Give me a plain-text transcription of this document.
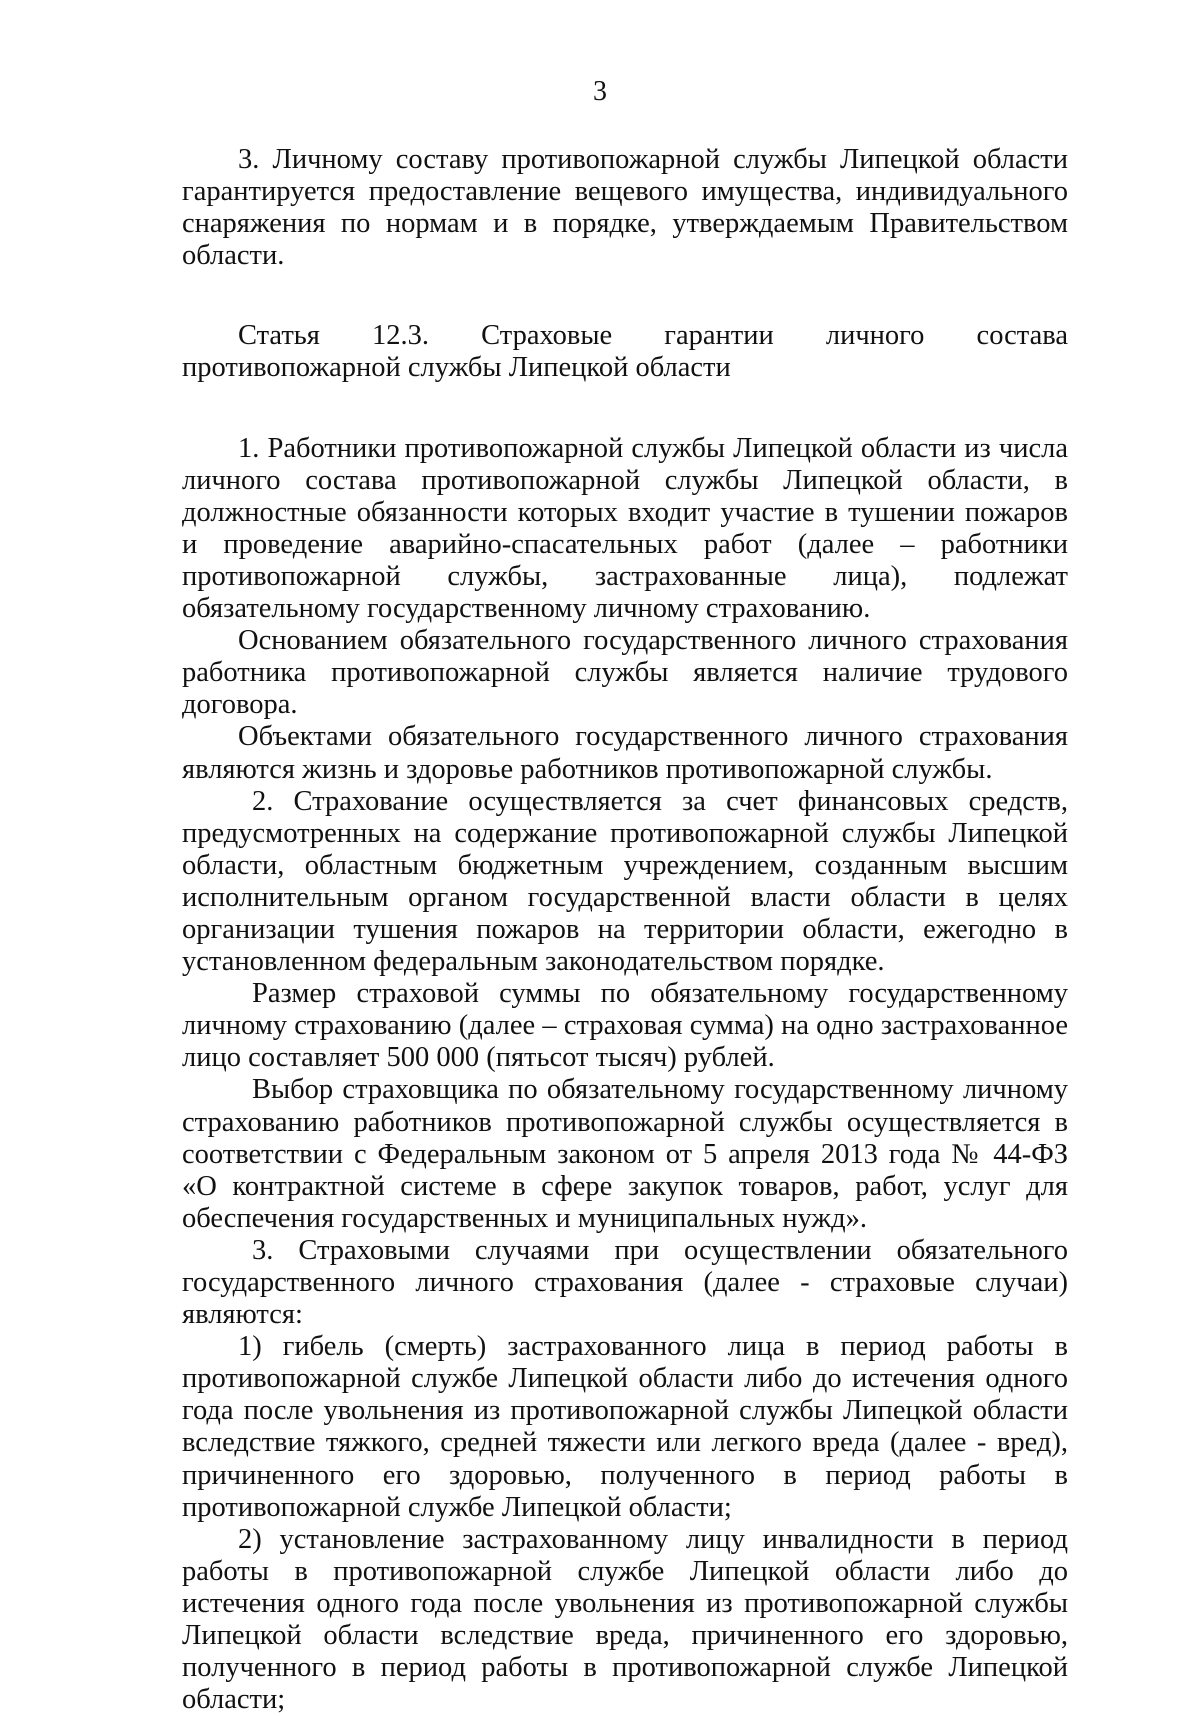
3

3. Личному составу противопожарной службы Липецкой области гарантируется предоставление вещевого имущества, индивидуального снаряжения по нормам и в порядке, утверждаемым Правительством области.

Статья 12.3. Страховые гарантии личного состава противопожарной службы Липецкой области

1. Работники противопожарной службы Липецкой области из числа личного состава противопожарной службы Липецкой области, в должностные обязанности которых входит участие в тушении пожаров и проведение аварийно-спасательных работ (далее – работники противопожарной службы, застрахованные лица), подлежат обязательному государственному личному страхованию.

Основанием обязательного государственного личного страхования работника противопожарной службы является наличие трудового договора.

Объектами обязательного государственного личного страхования являются жизнь и здоровье работников противопожарной службы.

2. Страхование осуществляется за счет финансовых средств, предусмотренных на содержание противопожарной службы Липецкой области, областным бюджетным учреждением, созданным высшим исполнительным органом государственной власти области в целях организации тушения пожаров на территории области, ежегодно в установленном федеральным законодательством порядке.

Размер страховой суммы по обязательному государственному личному страхованию (далее – страховая сумма) на одно застрахованное лицо составляет 500 000 (пятьсот тысяч) рублей.

Выбор страховщика по обязательному государственному личному страхованию работников противопожарной службы осуществляется в соответствии с Федеральным законом от 5 апреля 2013 года № 44-ФЗ «О контрактной системе в сфере закупок товаров, работ, услуг для обеспечения государственных и муниципальных нужд».

3. Страховыми случаями при осуществлении обязательного государственного личного страхования (далее - страховые случаи) являются:

1) гибель (смерть) застрахованного лица в период работы в противопожарной службе Липецкой области либо до истечения одного года после увольнения из противопожарной службы Липецкой области вследствие тяжкого, средней тяжести или легкого вреда (далее - вред), причиненного его здоровью, полученного в период работы в противопожарной службе Липецкой области;

2) установление застрахованному лицу инвалидности в период работы в противопожарной службе Липецкой области либо до истечения одного года после увольнения из противопожарной службы Липецкой области вследствие вреда, причиненного его здоровью, полученного в период работы в противопожарной службе Липецкой области;
